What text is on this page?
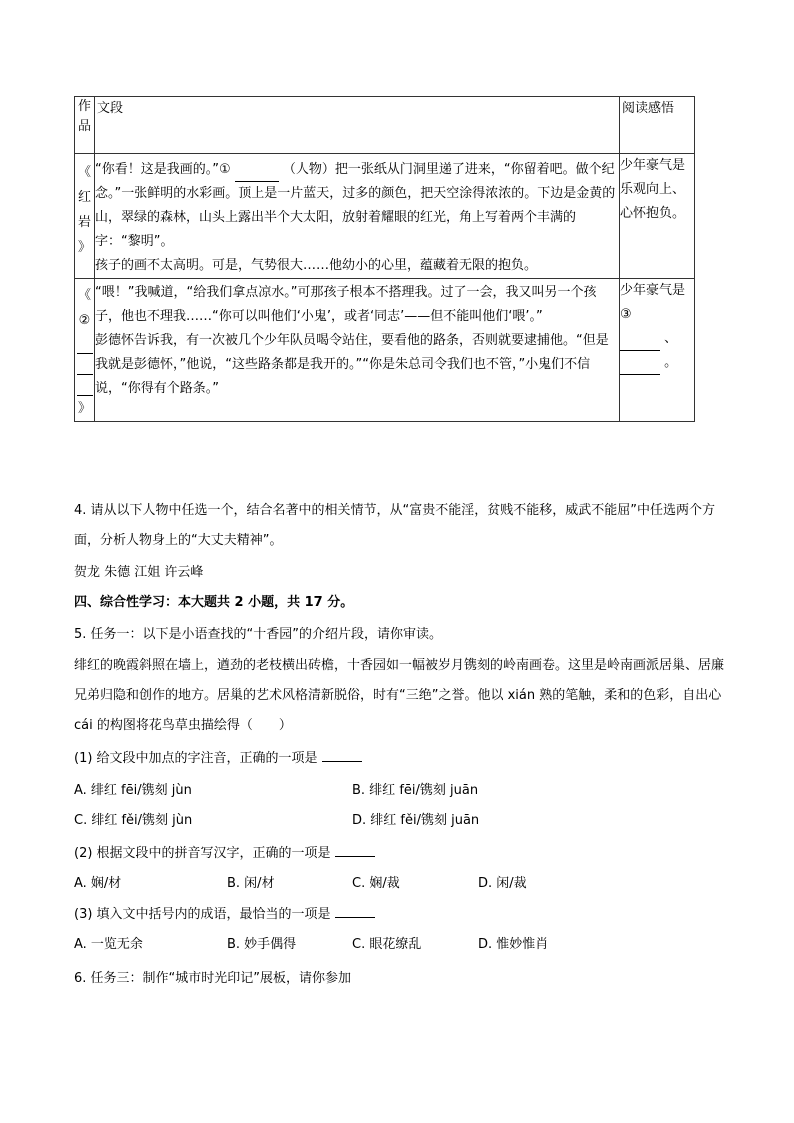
作品	文段	阅读感悟

《
红
岩
》	“你看！这是我画的。”① （人物）把一张纸从门洞里递了进来，“你留着吧。做个纪念。”一张鲜明的水彩画。顶上是一片蓝天，过多的颜色，把天空涂得浓浓的。下边是金黄的山，翠绿的森林，山头上露出半个大太阳，放射着耀眼的红光，角上写着两个丰满的字：“黎明”。
孩子的画不太高明。可是，气势很大……他幼小的心里，蕴藏着无限的抱负。	少年豪气是乐观向上、心怀抱负。

《
②
》	“喂！”我喊道，“给我们拿点凉水。”可那孩子根本不搭理我。过了一会，我又叫另一个孩子，他也不理我……“你可以叫他们‘小鬼’，或者‘同志’——但不能叫他们‘喂’。”
彭德怀告诉我，有一次被几个少年队员喝令站住，要看他的路条，否则就要逮捕他。“但是我就是彭德怀，”他说，“这些路条都是我开的。”“你是朱总司令我们也不管，”小鬼们不信说，“你得有个路条。”	少年豪气是③
、
。
4. 请从以下人物中任选一个，结合名著中的相关情节，从“富贵不能淫，贫贱不能移，威武不能屈”中任选两个方面，分析人物身上的“大丈夫精神”。
贺龙 朱德 江姐 许云峰
四、综合性学习：本大题共 2 小题，共 17 分。
5. 任务一：以下是小语查找的“十香园”的介绍片段，请你审读。
绯红的晚霞斜照在墙上，遒劲的老枝横出砖檐，十香园如一幅被岁月镌刻的岭南画卷。这里是岭南画派居巢、居廉兄弟归隐和创作的地方。居巢的艺术风格清新脱俗，时有“三绝”之誉。他以 xián 熟的笔触，柔和的色彩，自出心 cái 的构图将花鸟草虫描绘得（　　）
(1) 给文段中加点的字注音，正确的一项是
A. 绯红 fēi/镌刻 jùn	B. 绯红 fēi/镌刻 juān
C. 绯红 fěi/镌刻 jùn	D. 绯红 fěi/镌刻 juān
(2) 根据文段中的拼音写汉字，正确的一项是
A. 娴/材	B. 闲/材	C. 娴/裁	D. 闲/裁
(3) 填入文中括号内的成语，最恰当的一项是
A. 一览无余	B. 妙手偶得	C. 眼花缭乱	D. 惟妙惟肖
6. 任务三：制作“城市时光印记”展板，请你参加
